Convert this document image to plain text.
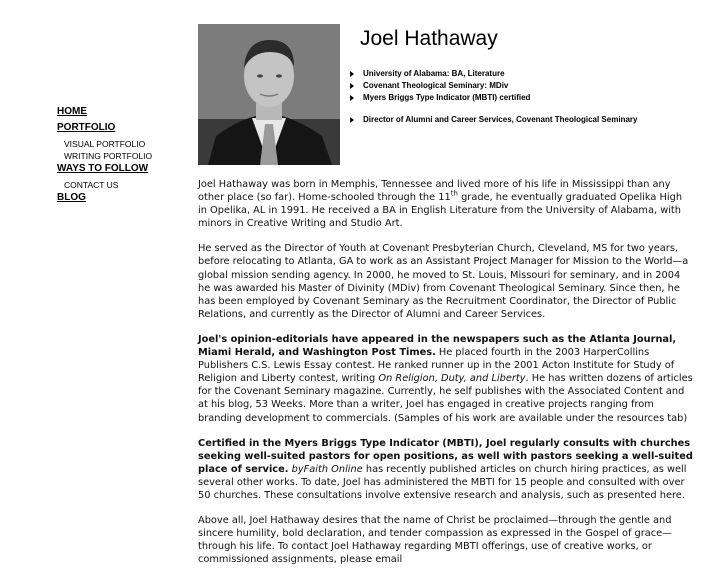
HOME
PORTFOLIO
VISUAL PORTFOLIO
WRITING PORTFOLIO
WAYS TO FOLLOW
CONTACT US
BLOG
Joel Hathaway
University of Alabama: BA, Literature
Covenant Theological Seminary: MDiv
Myers Briggs Type Indicator (MBTI) certified
Director of Alumni and Career Services, Covenant Theological Seminary

Joel Hathaway was born in Memphis, Tennessee and lived more of his life in Mississippi than any other place (so far). Home-schooled through the 11th grade, he eventually graduated Opelika High in Opelika, AL in 1991. He received a BA in English Literature from the University of Alabama, with minors in Creative Writing and Studio Art.

He served as the Director of Youth at Covenant Presbyterian Church, Cleveland, MS for two years, before relocating to Atlanta, GA to work as an Assistant Project Manager for Mission to the World—a global mission sending agency. In 2000, he moved to St. Louis, Missouri for seminary, and in 2004 he was awarded his Master of Divinity (MDiv) from Covenant Theological Seminary. Since then, he has been employed by Covenant Seminary as the Recruitment Coordinator, the Director of Public Relations, and currently as the Director of Alumni and Career Services.

Joel's opinion-editorials have appeared in the newspapers such as the Atlanta Journal, Miami Herald, and Washington Post Times. He placed fourth in the 2003 HarperCollins Publishers C.S. Lewis Essay contest. He ranked runner up in the 2001 Acton Institute for Study of Religion and Liberty contest, writing On Religion, Duty, and Liberty. He has written dozens of articles for the Covenant Seminary magazine. Currently, he self publishes with the Associated Content and at his blog, 53 Weeks. More than a writer, Joel has engaged in creative projects ranging from branding development to commercials. (Samples of his work are available under the resources tab)

Certified in the Myers Briggs Type Indicator (MBTI), Joel regularly consults with churches seeking well-suited pastors for open positions, as well with pastors seeking a well-suited place of service. byFaith Online has recently published articles on church hiring practices, as well several other works. To date, Joel has administered the MBTI for 15 people and consulted with over 50 churches. These consultations involve extensive research and analysis, such as presented here.

Above all, Joel Hathaway desires that the name of Christ be proclaimed—through the gentle and sincere humility, bold declaration, and tender compassion as expressed in the Gospel of grace—through his life. To contact Joel Hathaway regarding MBTI offerings, use of creative works, or commissioned assignments, please email
